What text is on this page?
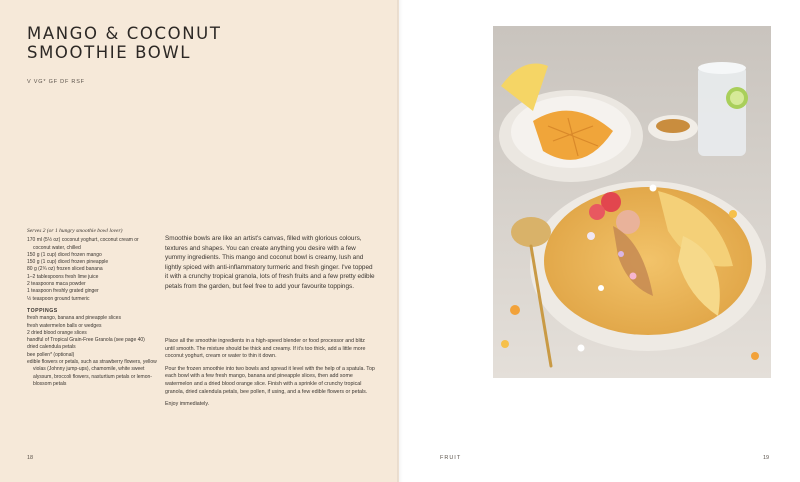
MANGO & COCONUT
SMOOTHIE BOWL
V VG* GF DF RSF
Serves 2 (or 1 hungry smoothie bowl lover)
170 ml (5½ oz) coconut yoghurt, coconut cream or coconut water, chilled
150 g (1 cup) diced frozen mango
150 g (1 cup) diced frozen pineapple
80 g (2¾ oz) frozen sliced banana
1–2 tablespoons fresh lime juice
2 teaspoons maca powder
1 teaspoon freshly grated ginger
½ teaspoon ground turmeric
TOPPINGS
fresh mango, banana and pineapple slices
fresh watermelon balls or wedges
2 dried blood orange slices
handful of Tropical Grain-Free Granola (see page 40)
dried calendula petals
bee pollen* (optional)
edible flowers or petals, such as strawberry flowers, yellow violas (Johnny jump-ups), chamomile, white sweet alyssum, broccoli flowers, nasturtium petals or lemon-blossom petals

Smoothie bowls are like an artist's canvas, filled with glorious colours, textures and shapes. You can create anything you desire with a few yummy ingredients. This mango and coconut bowl is creamy, lush and lightly spiced with anti-inflammatory turmeric and fresh ginger. I've topped it with a crunchy tropical granola, lots of fresh fruits and a few pretty edible petals from the garden, but feel free to add your favourite toppings.

Place all the smoothie ingredients in a high-speed blender or food processor and blitz until smooth. The mixture should be thick and creamy. If it's too thick, add a little more coconut yoghurt, cream or water to thin it down.

Pour the frozen smoothie into two bowls and spread it level with the help of a spatula. Top each bowl with a few fresh mango, banana and pineapple slices, then add some watermelon and a dried blood orange slice. Finish with a sprinkle of crunchy tropical granola, dried calendula petals, bee pollen, if using, and a few edible flowers or petals.

Enjoy immediately.

18	FRUIT	19
